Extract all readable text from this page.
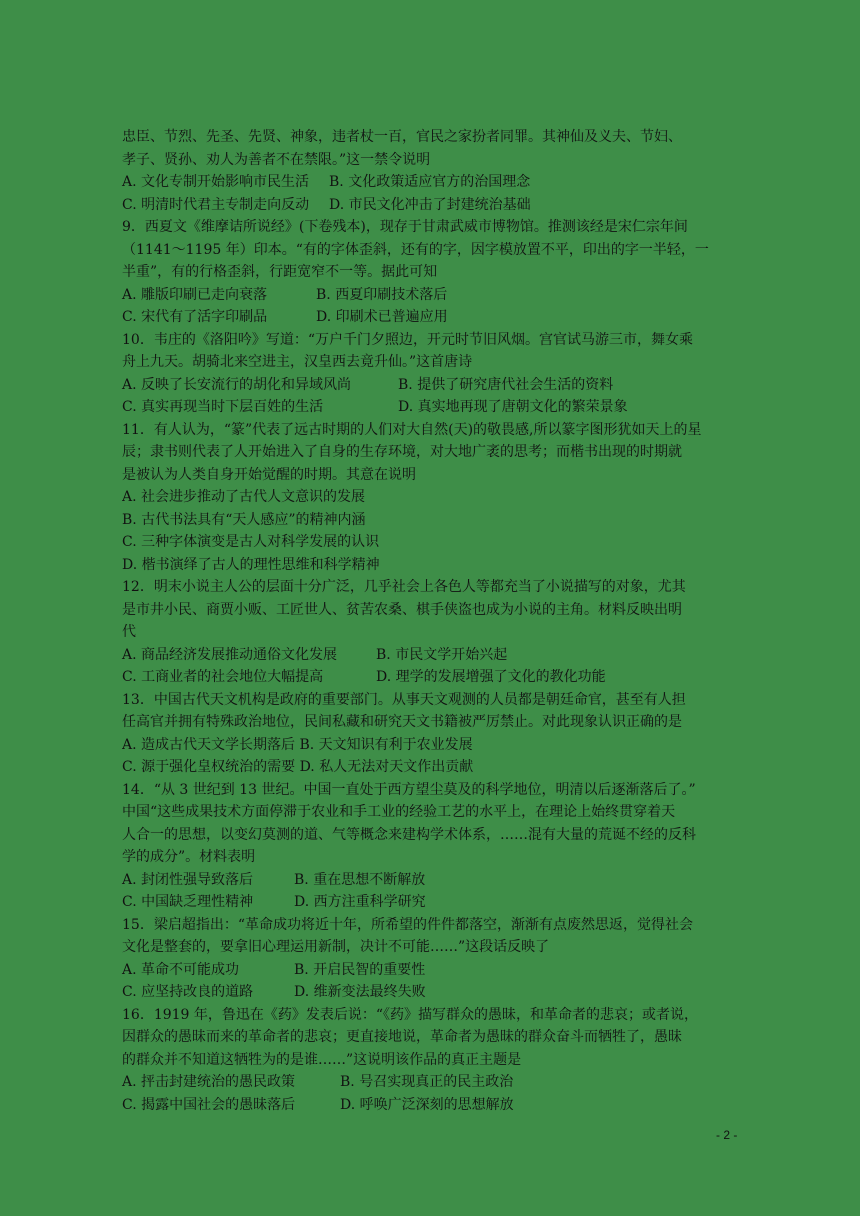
忠臣、节烈、先圣、先贤、神象，违者杖一百，官民之家扮者同罪。其神仙及义夫、节妇、
孝子、贤孙、劝人为善者不在禁限。”这一禁令说明
A. 文化专制开始影响市民生活	B. 文化政策适应官方的治国理念
C. 明清时代君主专制走向反动	D. 市民文化冲击了封建统治基础
9．西夏文《维摩诘所说经》(下卷残本)，现存于甘肃武威市博物馆。推测该经是宋仁宗年间
（1141～1195 年）印本。“有的字体歪斜，还有的字，因字模放置不平，印出的字一半轻，一
半重”，有的行格歪斜，行距宽窄不一等。据此可知
A. 雕版印刷已走向衰落	B. 西夏印刷技术落后
C. 宋代有了活字印刷品	D. 印刷术已普遍应用
10．韦庄的《洛阳吟》写道：“万户千门夕照边，开元时节旧风烟。宫官试马游三市，舞女乘
舟上九天。胡骑北来空进主，汉皇西去竟升仙。”这首唐诗
A. 反映了长安流行的胡化和异域风尚	B. 提供了研究唐代社会生活的资料
C. 真实再现当时下层百姓的生活	D. 真实地再现了唐朝文化的繁荣景象
11．有人认为，“篆”代表了远古时期的人们对大自然(天)的敬畏感,所以篆字图形犹如天上的星
辰；隶书则代表了人开始进入了自身的生存环境，对大地广袤的思考；而楷书出现的时期就
是被认为人类自身开始觉醒的时期。其意在说明
A. 社会进步推动了古代人文意识的发展
B. 古代书法具有“天人感应”的精神内涵
C. 三种字体演变是古人对科学发展的认识
D. 楷书演绎了古人的理性思维和科学精神
12．明末小说主人公的层面十分广泛，几乎社会上各色人等都充当了小说描写的对象，尤其
是市井小民、商贾小贩、工匠世人、贫苦农桑、棋手侠盗也成为小说的主角。材料反映出明
代
A. 商品经济发展推动通俗文化发展	B. 市民文学开始兴起
C. 工商业者的社会地位大幅提高	D. 理学的发展增强了文化的教化功能
13．中国古代天文机构是政府的重要部门。从事天文观测的人员都是朝廷命官，甚至有人担
任高官并拥有特殊政治地位，民间私藏和研究天文书籍被严厉禁止。对此现象认识正确的是
A. 造成古代天文学长期落后 B. 天文知识有利于农业发展
C. 源于强化皇权统治的需要 D. 私人无法对天文作出贡献
14．“从 3 世纪到 13 世纪。中国一直处于西方望尘莫及的科学地位，明清以后逐渐落后了。”
中国“这些成果技术方面停滞于农业和手工业的经验工艺的水平上，在理论上始终贯穿着天
人合一的思想，以变幻莫测的道、气等概念来建构学术体系，……混有大量的荒诞不经的反科
学的成分”。材料表明
A. 封闭性强导致落后	B. 重在思想不断解放
C. 中国缺乏理性精神	D. 西方注重科学研究
15．梁启超指出：“革命成功将近十年，所希望的件件都落空，渐渐有点废然思返，觉得社会
文化是整套的，要拿旧心理运用新制，决计不可能……”这段话反映了
A. 革命不可能成功	B. 开启民智的重要性
C. 应坚持改良的道路	D. 维新变法最终失败
16．1919 年，鲁迅在《药》发表后说：“《药》描写群众的愚昧，和革命者的悲哀；或者说，
因群众的愚昧而来的革命者的悲哀；更直接地说，革命者为愚昧的群众奋斗而牺牲了，愚昧
的群众并不知道这牺牲为的是谁……”这说明该作品的真正主题是
A. 抨击封建统治的愚民政策	B. 号召实现真正的民主政治
C. 揭露中国社会的愚昧落后	D. 呼唤广泛深刻的思想解放
- 2 -
